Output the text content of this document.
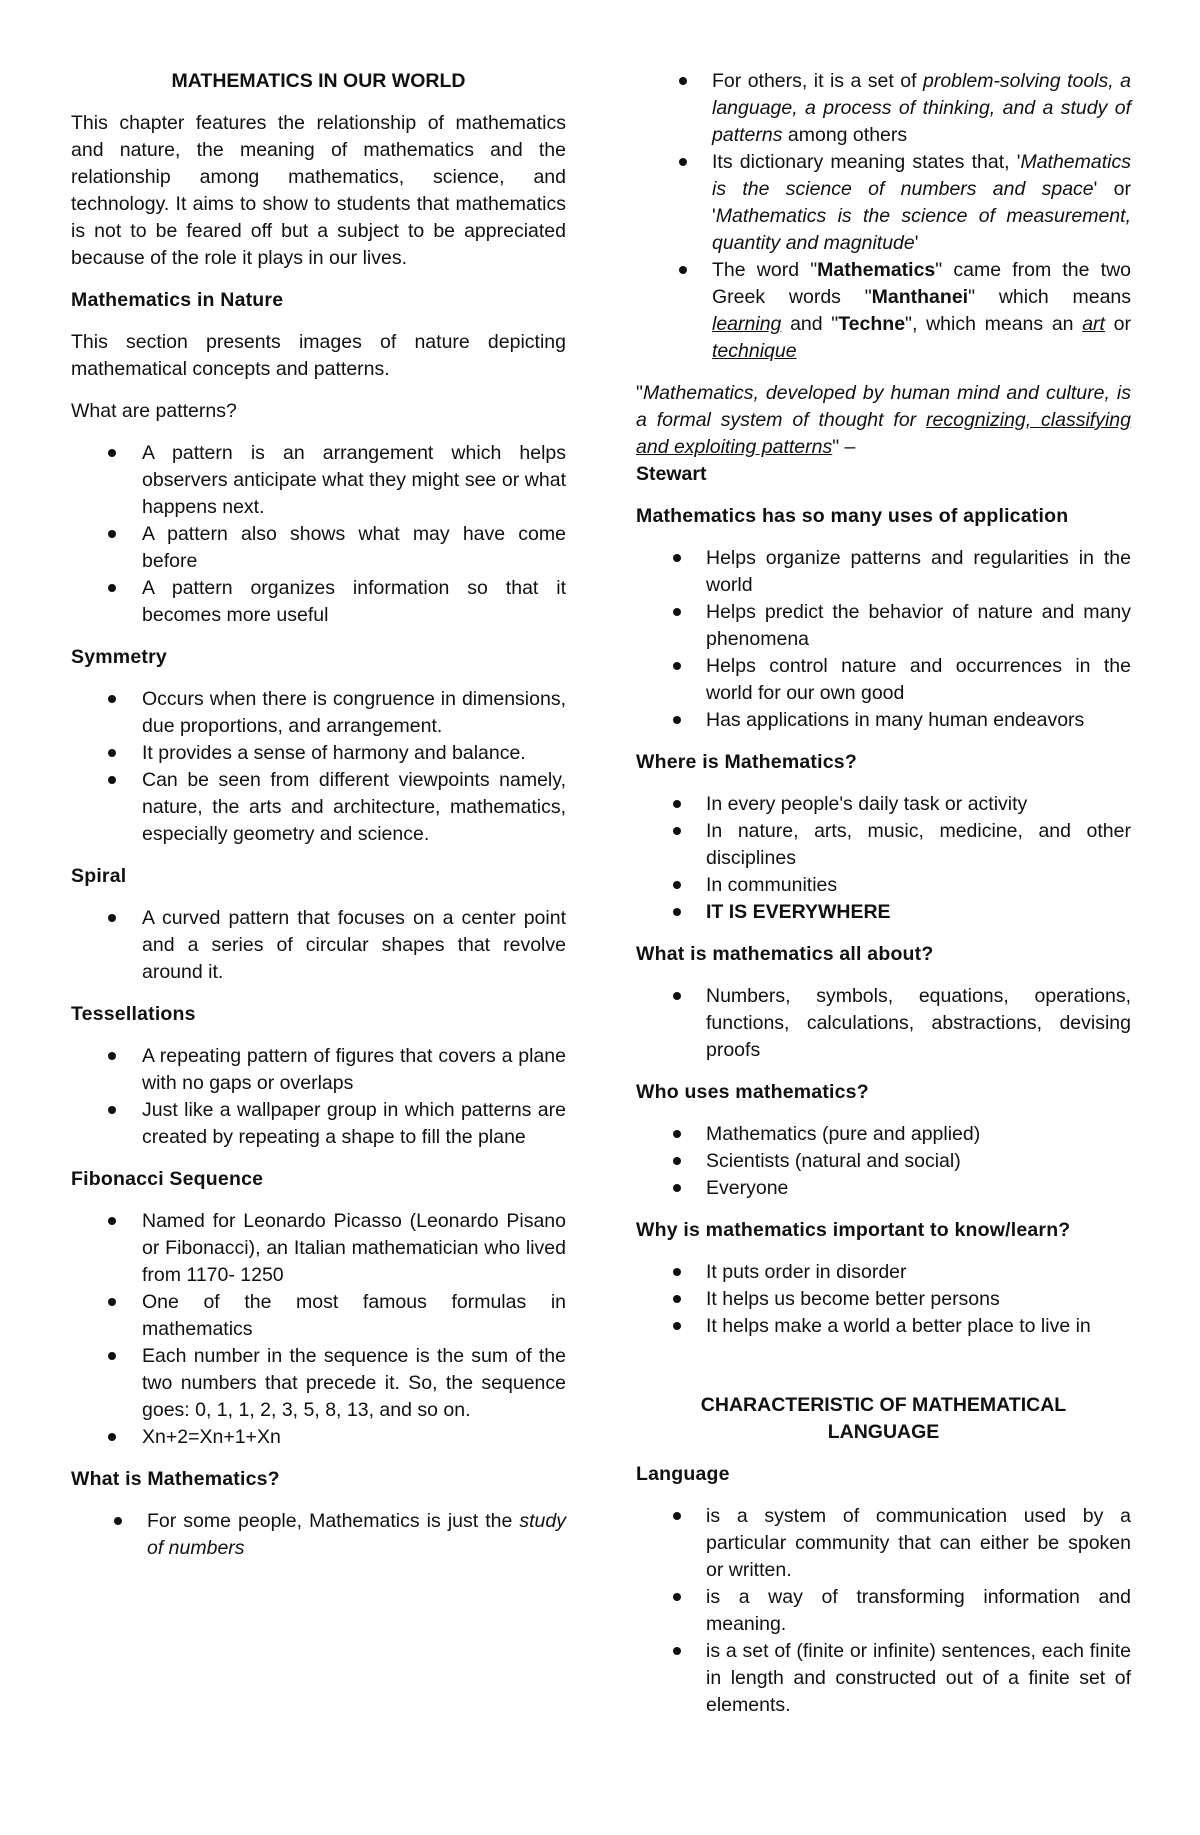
MATHEMATICS IN OUR WORLD

This chapter features the relationship of mathematics and nature, the meaning of mathematics and the relationship among mathematics, science, and technology. It aims to show to students that mathematics is not to be feared off but a subject to be appreciated because of the role it plays in our lives.

Mathematics in Nature

This section presents images of nature depicting mathematical concepts and patterns.

What are patterns?

A pattern is an arrangement which helps observers anticipate what they might see or what happens next.
A pattern also shows what may have come before
A pattern organizes information so that it becomes more useful
Symmetry
Occurs when there is congruence in dimensions, due proportions, and arrangement.
It provides a sense of harmony and balance.
Can be seen from different viewpoints namely, nature, the arts and architecture, mathematics, especially geometry and science.
Spiral
A curved pattern that focuses on a center point and a series of circular shapes that revolve around it.
Tessellations
A repeating pattern of figures that covers a plane with no gaps or overlaps
Just like a wallpaper group in which patterns are created by repeating a shape to fill the plane
Fibonacci Sequence
Named for Leonardo Picasso (Leonardo Pisano or Fibonacci), an Italian mathematician who lived from 1170- 1250
One of the most famous formulas in mathematics
Each number in the sequence is the sum of the two numbers that precede it. So, the sequence goes: 0, 1, 1, 2, 3, 5, 8, 13, and so on.
Xn+2=Xn+1+Xn
What is Mathematics?
For some people, Mathematics is just the study of numbers
For others, it is a set of problem-solving tools, a language, a process of thinking, and a study of patterns among others
Its dictionary meaning states that, 'Mathematics is the science of numbers and space' or 'Mathematics is the science of measurement, quantity and magnitude'
The word "Mathematics" came from the two Greek words "Manthanei" which means learning and "Techne", which means an art or technique

"Mathematics, developed by human mind and culture, is a formal system of thought for recognizing, classifying and exploiting patterns" –
Stewart

Mathematics has so many uses of application
Helps organize patterns and regularities in the world
Helps predict the behavior of nature and many phenomena
Helps control nature and occurrences in the world for our own good
Has applications in many human endeavors
Where is Mathematics?
In every people's daily task or activity
In nature, arts, music, medicine, and other disciplines
In communities
IT IS EVERYWHERE
What is mathematics all about?
Numbers, symbols, equations, operations, functions, calculations, abstractions, devising proofs
Who uses mathematics?
Mathematics (pure and applied)
Scientists (natural and social)
Everyone
Why is mathematics important to know/learn?
It puts order in disorder
It helps us become better persons
It helps make a world a better place to live in

CHARACTERISTIC OF MATHEMATICAL LANGUAGE

Language
is a system of communication used by a particular community that can either be spoken or written.
is a way of transforming information and meaning.
is a set of (finite or infinite) sentences, each finite in length and constructed out of a finite set of elements.
